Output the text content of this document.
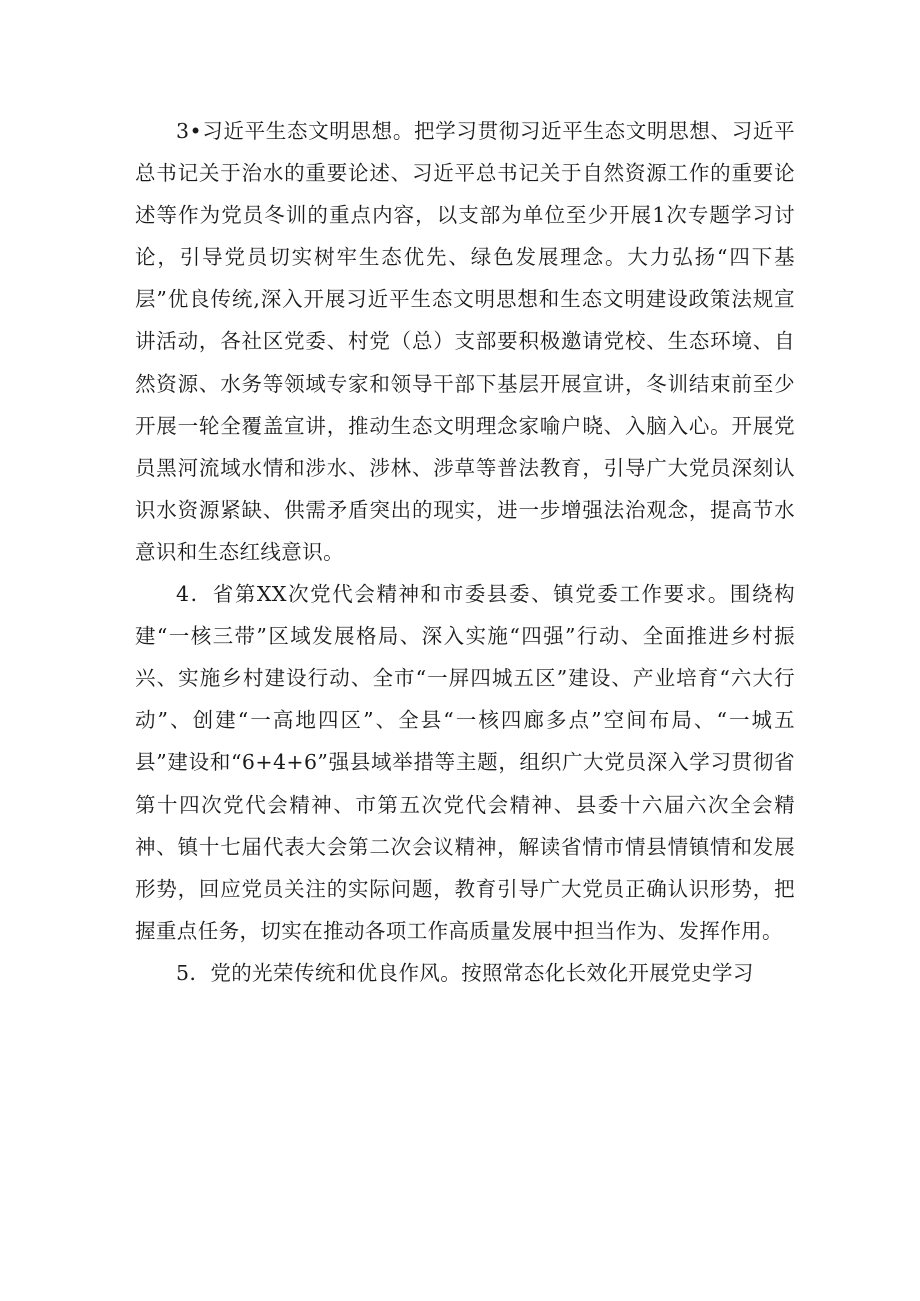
3•习近平生态文明思想。把学习贯彻习近平生态文明思想、习近平总书记关于治水的重要论述、习近平总书记关于自然资源工作的重要论述等作为党员冬训的重点内容，以支部为单位至少开展1次专题学习讨论，引导党员切实树牢生态优先、绿色发展理念。大力弘扬“四下基层”优良传统,深入开展习近平生态文明思想和生态文明建设政策法规宣讲活动，各社区党委、村党（总）支部要积极邀请党校、生态环境、自然资源、水务等领域专家和领导干部下基层开展宣讲，冬训结束前至少开展一轮全覆盖宣讲，推动生态文明理念家喻户晓、入脑入心。开展党员黑河流域水情和涉水、涉林、涉草等普法教育，引导广大党员深刻认识水资源紧缺、供需矛盾突出的现实，进一步增强法治观念，提高节水意识和生态红线意识。

4．省第XX次党代会精神和市委县委、镇党委工作要求。围绕构建“一核三带”区域发展格局、深入实施“四强”行动、全面推进乡村振兴、实施乡村建设行动、全市“一屏四城五区”建设、产业培育“六大行动”、创建“一高地四区”、全县“一核四廊多点”空间布局、“一城五县”建设和“6+4+6”强县域举措等主题，组织广大党员深入学习贯彻省第十四次党代会精神、市第五次党代会精神、县委十六届六次全会精神、镇十七届代表大会第二次会议精神，解读省情市情县情镇情和发展形势，回应党员关注的实际问题，教育引导广大党员正确认识形势，把握重点任务，切实在推动各项工作高质量发展中担当作为、发挥作用。

5．党的光荣传统和优良作风。按照常态化长效化开展党史学习
